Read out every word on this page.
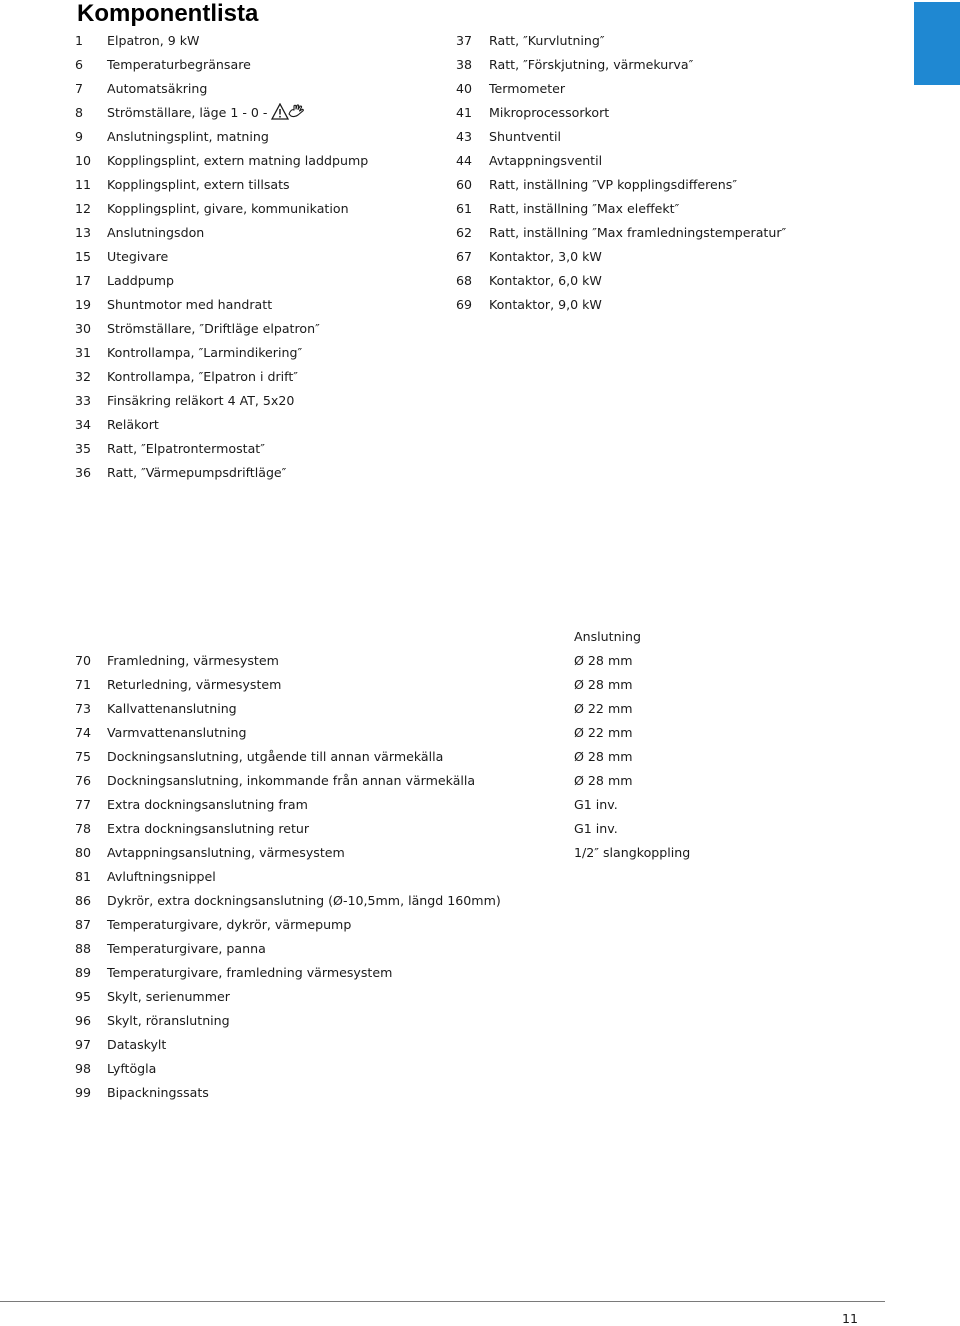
Komponentlista
1 Elpatron, 9 kW
6 Temperaturbegränsare
7 Automatsäkring
8 Strömställare, läge 1 - 0 -
9 Anslutningsplint, matning
10 Kopplingsplint, extern matning laddpump
11 Kopplingsplint, extern tillsats
12 Kopplingsplint, givare, kommunikation
13 Anslutningsdon
15 Utegivare
17 Laddpump
19 Shuntmotor med handratt
30 Strömställare, ″Driftläge elpatron″
31 Kontrollampa, ″Larmindikering″
32 Kontrollampa, ″Elpatron i drift″
33 Finsäkring reläkort 4 AT, 5x20
34 Reläkort
35 Ratt, ″Elpatrontermostat″
36 Ratt, ″Värmepumpsdriftläge″
37 Ratt, ″Kurvlutning″
38 Ratt, ″Förskjutning, värmekurva″
40 Termometer
41 Mikroprocessorkort
43 Shuntventil
44 Avtappningsventil
60 Ratt, inställning ″VP kopplingsdifferens″
61 Ratt, inställning ″Max eleffekt″
62 Ratt, inställning ″Max framledningstemperatur″
67 Kontaktor, 3,0 kW
68 Kontaktor, 6,0 kW
69 Kontaktor, 9,0 kW
Anslutning
70 Framledning, värmesystem	Ø 28 mm
71 Returledning, värmesystem	Ø 28 mm
73 Kallvattenanslutning	Ø 22 mm
74 Varmvattenanslutning	Ø 22 mm
75 Dockningsanslutning, utgående till annan värmekälla	Ø 28 mm
76 Dockningsanslutning, inkommande från annan värmekälla	Ø 28 mm
77 Extra dockningsanslutning fram	G1 inv.
78 Extra dockningsanslutning retur	G1 inv.
80 Avtappningsanslutning, värmesystem	1/2″ slangkoppling
81 Avluftningsnippel
86 Dykrör, extra dockningsanslutning (Ø-10,5mm, längd 160mm)
87 Temperaturgivare, dykrör, värmepump
88 Temperaturgivare, panna
89 Temperaturgivare, framledning värmesystem
95 Skylt, serienummer
96 Skylt, röranslutning
97 Dataskylt
98 Lyftögla
99 Bipackningssats
11
